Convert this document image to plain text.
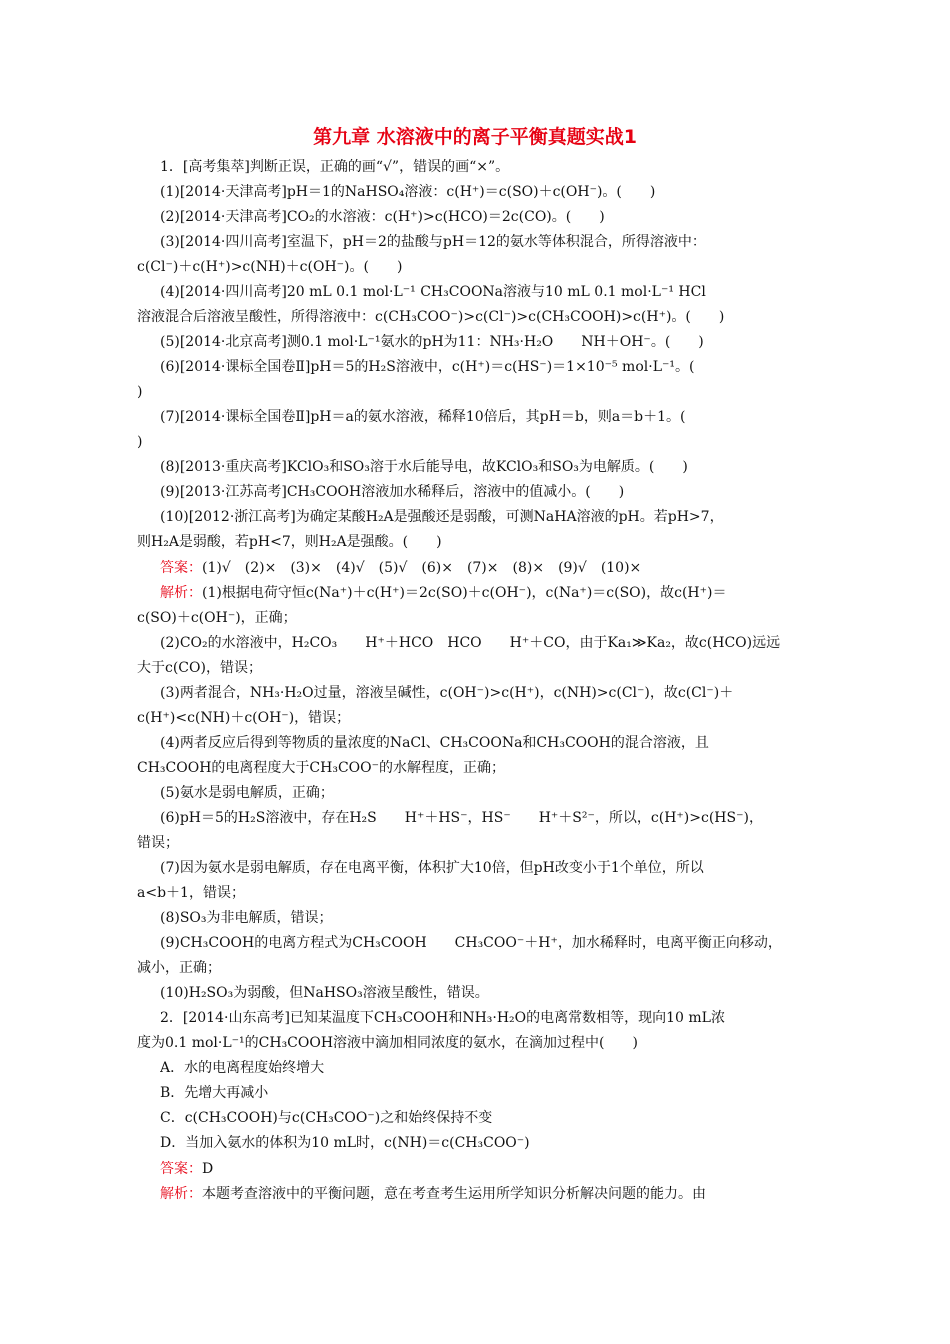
第九章 水溶液中的离子平衡真题实战1
1．[高考集萃]判断正误，正确的画“√”，错误的画“×”。
(1)[2014·天津高考]pH＝1的NaHSO₄溶液：c(H⁺)＝c(SO)＋c(OH⁻)。(　　)
(2)[2014·天津高考]CO₂的水溶液：c(H⁺)>c(HCO)＝2c(CO)。(　　)
(3)[2014·四川高考]室温下，pH＝2的盐酸与pH＝12的氨水等体积混合，所得溶液中：
c(Cl⁻)＋c(H⁺)>c(NH)＋c(OH⁻)。(　　)
(4)[2014·四川高考]20 mL 0.1 mol·L⁻¹ CH₃COONa溶液与10 mL 0.1 mol·L⁻¹ HCl
溶液混合后溶液呈酸性，所得溶液中：c(CH₃COO⁻)>c(Cl⁻)>c(CH₃COOH)>c(H⁺)。(　　)
(5)[2014·北京高考]测0.1 mol·L⁻¹氨水的pH为11：NH₃·H₂O　　NH＋OH⁻。(　　)
(6)[2014·课标全国卷Ⅱ]pH＝5的H₂S溶液中，c(H⁺)＝c(HS⁻)＝1×10⁻⁵ mol·L⁻¹。(
)
(7)[2014·课标全国卷Ⅱ]pH＝a的氨水溶液，稀释10倍后，其pH＝b，则a＝b＋1。(
)
(8)[2013·重庆高考]KClO₃和SO₃溶于水后能导电，故KClO₃和SO₃为电解质。(　　)
(9)[2013·江苏高考]CH₃COOH溶液加水稀释后，溶液中的值减小。(　　)
(10)[2012·浙江高考]为确定某酸H₂A是强酸还是弱酸，可测NaHA溶液的pH。若pH>7，
则H₂A是弱酸，若pH<7，则H₂A是强酸。(　　)
答案：(1)√　(2)×　(3)×　(4)√　(5)√　(6)×　(7)×　(8)×　(9)√　(10)×
解析：(1)根据电荷守恒c(Na⁺)＋c(H⁺)＝2c(SO)＋c(OH⁻)，c(Na⁺)＝c(SO)，故c(H⁺)＝
c(SO)＋c(OH⁻)，正确；
(2)CO₂的水溶液中，H₂CO₃　　H⁺＋HCO　HCO　　H⁺＋CO，由于Ka₁≫Ka₂，故c(HCO)远远
大于c(CO)，错误；
(3)两者混合，NH₃·H₂O过量，溶液呈碱性，c(OH⁻)>c(H⁺)，c(NH)>c(Cl⁻)，故c(Cl⁻)＋
c(H⁺)<c(NH)＋c(OH⁻)，错误；
(4)两者反应后得到等物质的量浓度的NaCl、CH₃COONa和CH₃COOH的混合溶液，且
CH₃COOH的电离程度大于CH₃COO⁻的水解程度，正确；
(5)氨水是弱电解质，正确；
(6)pH＝5的H₂S溶液中，存在H₂S　　H⁺＋HS⁻，HS⁻　　H⁺＋S²⁻，所以，c(H⁺)>c(HS⁻)，
错误；
(7)因为氨水是弱电解质，存在电离平衡，体积扩大10倍，但pH改变小于1个单位，所以
a<b＋1，错误；
(8)SO₃为非电解质，错误；
(9)CH₃COOH的电离方程式为CH₃COOH　　CH₃COO⁻＋H⁺，加水稀释时，电离平衡正向移动，
减小，正确；
(10)H₂SO₃为弱酸，但NaHSO₃溶液呈酸性，错误。
2．[2014·山东高考]已知某温度下CH₃COOH和NH₃·H₂O的电离常数相等，现向10 mL浓
度为0.1 mol·L⁻¹的CH₃COOH溶液中滴加相同浓度的氨水，在滴加过程中(　　)
A．水的电离程度始终增大
B．先增大再减小
C．c(CH₃COOH)与c(CH₃COO⁻)之和始终保持不变
D．当加入氨水的体积为10 mL时，c(NH)＝c(CH₃COO⁻)
答案：D
解析：本题考查溶液中的平衡问题，意在考查考生运用所学知识分析解决问题的能力。由
